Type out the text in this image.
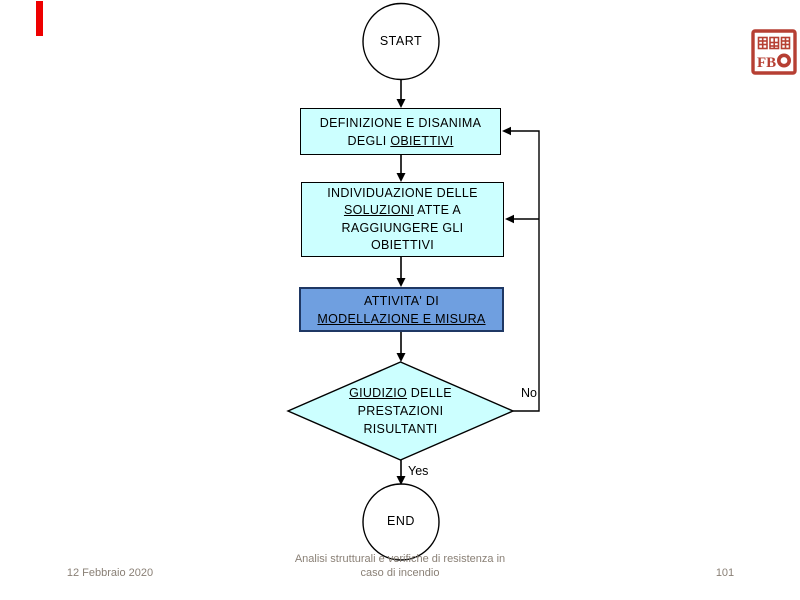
START
DEFINIZIONE E DISANIMA
DEGLI OBIETTIVI
INDIVIDUAZIONE DELLE
SOLUZIONI ATTE A
RAGGIUNGERE GLI
OBIETTIVI
ATTIVITA' DI
MODELLAZIONE E MISURA
GIUDIZIO DELLE
PRESTAZIONI
RISULTANTI
END
No
Yes
FB
12 Febbraio 2020
Analisi strutturali e verifiche di resistenza in
caso di incendio	101
